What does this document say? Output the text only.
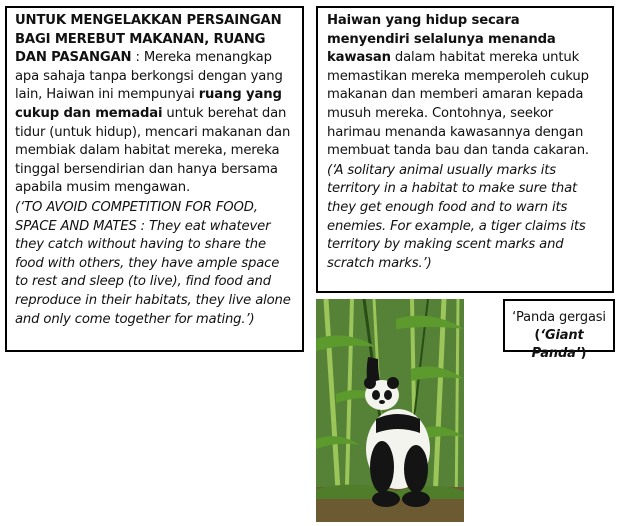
UNTUK MENGELAKKAN PERSAINGAN BAGI MEREBUT MAKANAN, RUANG DAN PASANGAN : Mereka menangkap apa sahaja tanpa berkongsi dengan yang lain, Haiwan ini mempunyai ruang yang cukup dan memadai untuk berehat dan tidur (untuk hidup), mencari makanan dan membiak dalam habitat mereka, mereka tinggal bersendirian dan hanya bersama apabila musim mengawan.
(‘TO AVOID COMPETITION FOR FOOD, SPACE AND MATES : They eat whatever they catch without having to share the food with others, they have ample space to rest and sleep (to live), find food and reproduce in their habitats, they live alone and only come together for mating.’)
Haiwan yang hidup secara menyendiri selalunya menanda kawasan dalam habitat mereka untuk memastikan mereka memperoleh cukup makanan dan memberi amaran kepada musuh mereka. Contohnya, seekor harimau menanda kawasannya dengan membuat tanda bau dan tanda cakaran.
(‘A solitary animal usually marks its territory in a habitat to make sure that they get enough food and to warn its enemies. For example, a tiger claims its territory by making scent marks and scratch marks.’)
‘Panda gergasi
(‘Giant Panda’)
